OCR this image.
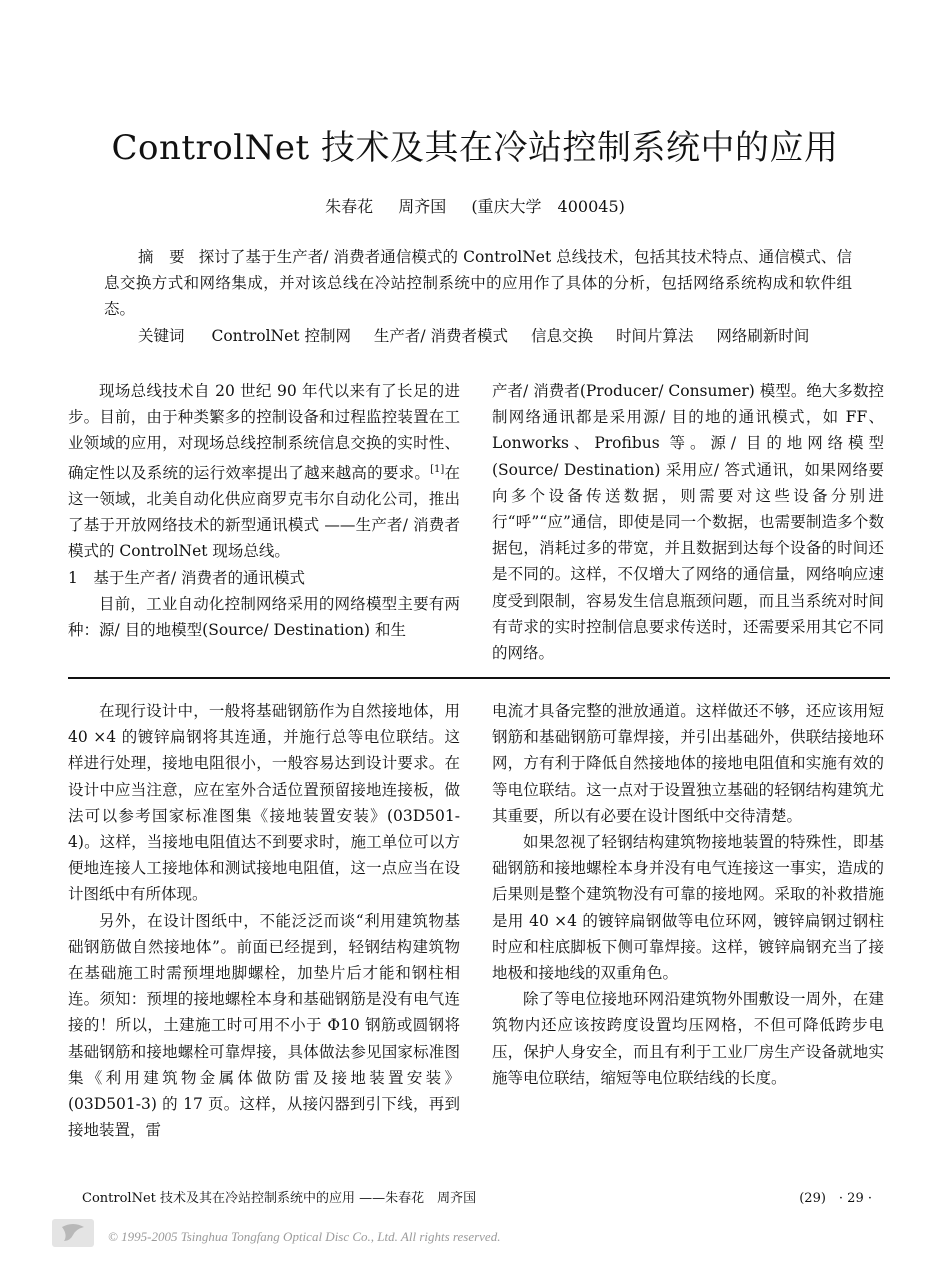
ControlNet 技术及其在冷站控制系统中的应用
朱春花 周齐国 (重庆大学　400045)
摘　要 探讨了基于生产者/ 消费者通信模式的 ControlNet 总线技术，包括其技术特点、通信模式、信息交换方式和网络集成，并对该总线在冷站控制系统中的应用作了具体的分析，包括网络系统构成和软件组态。
关键词 ControlNet 控制网 生产者/ 消费者模式 信息交换 时间片算法 网络刷新时间

现场总线技术自 20 世纪 90 年代以来有了长足的进步。目前，由于种类繁多的控制设备和过程监控装置在工业领域的应用，对现场总线控制系统信息交换的实时性、确定性以及系统的运行效率提出了越来越高的要求。[1]在这一领域，北美自动化供应商罗克韦尔自动化公司，推出了基于开放网络技术的新型通讯模式 ——生产者/ 消费者模式的 ControlNet 现场总线。

1　基于生产者/ 消费者的通讯模式

目前，工业自动化控制网络采用的网络模型主要有两种：源/ 目的地模型(Source/ Destination) 和生

产者/ 消费者(Producer/ Consumer) 模型。绝大多数控制网络通讯都是采用源/ 目的地的通讯模式，如 FF、Lonworks、Profibus 等。源/ 目的地网络模型(Source/ Destination) 采用应/ 答式通讯，如果网络要向多个设备传送数据，则需要对这些设备分别进行“呼”“应”通信，即使是同一个数据，也需要制造多个数据包，消耗过多的带宽，并且数据到达每个设备的时间还是不同的。这样，不仅增大了网络的通信量，网络响应速度受到限制，容易发生信息瓶颈问题，而且当系统对时间有苛求的实时控制信息要求传送时，还需要采用其它不同的网络。

在现行设计中，一般将基础钢筋作为自然接地体，用 40 ×4 的镀锌扁钢将其连通，并施行总等电位联结。这样进行处理，接地电阻很小，一般容易达到设计要求。在设计中应当注意，应在室外合适位置预留接地连接板，做法可以参考国家标准图集《接地装置安装》(03D501-4)。这样，当接地电阻值达不到要求时，施工单位可以方便地连接人工接地体和测试接地电阻值，这一点应当在设计图纸中有所体现。

另外，在设计图纸中，不能泛泛而谈“利用建筑物基础钢筋做自然接地体”。前面已经提到，轻钢结构建筑物在基础施工时需预埋地脚螺栓，加垫片后才能和钢柱相连。须知：预埋的接地螺栓本身和基础钢筋是没有电气连接的！所以，土建施工时可用不小于 Φ10 钢筋或圆钢将基础钢筋和接地螺栓可靠焊接，具体做法参见国家标准图集《利用建筑物金属体做防雷及接地装置安装》(03D501-3) 的 17 页。这样，从接闪器到引下线，再到接地装置，雷

电流才具备完整的泄放通道。这样做还不够，还应该用短钢筋和基础钢筋可靠焊接，并引出基础外，供联结接地环网，方有利于降低自然接地体的接地电阻值和实施有效的等电位联结。这一点对于设置独立基础的轻钢结构建筑尤其重要，所以有必要在设计图纸中交待清楚。

如果忽视了轻钢结构建筑物接地装置的特殊性，即基础钢筋和接地螺栓本身并没有电气连接这一事实，造成的后果则是整个建筑物没有可靠的接地网。采取的补救措施是用 40 ×4 的镀锌扁钢做等电位环网，镀锌扁钢过钢柱时应和柱底脚板下侧可靠焊接。这样，镀锌扁钢充当了接地极和接地线的双重角色。

除了等电位接地环网沿建筑物外围敷设一周外，在建筑物内还应该按跨度设置均压网格，不但可降低跨步电压，保护人身安全，而且有利于工业厂房生产设备就地实施等电位联结，缩短等电位联结线的长度。

ControlNet 技术及其在冷站控制系统中的应用 ——朱春花　周齐国	(29)　· 29 ·
© 1995-2005 Tsinghua Tongfang Optical Disc Co., Ltd. All rights reserved.
